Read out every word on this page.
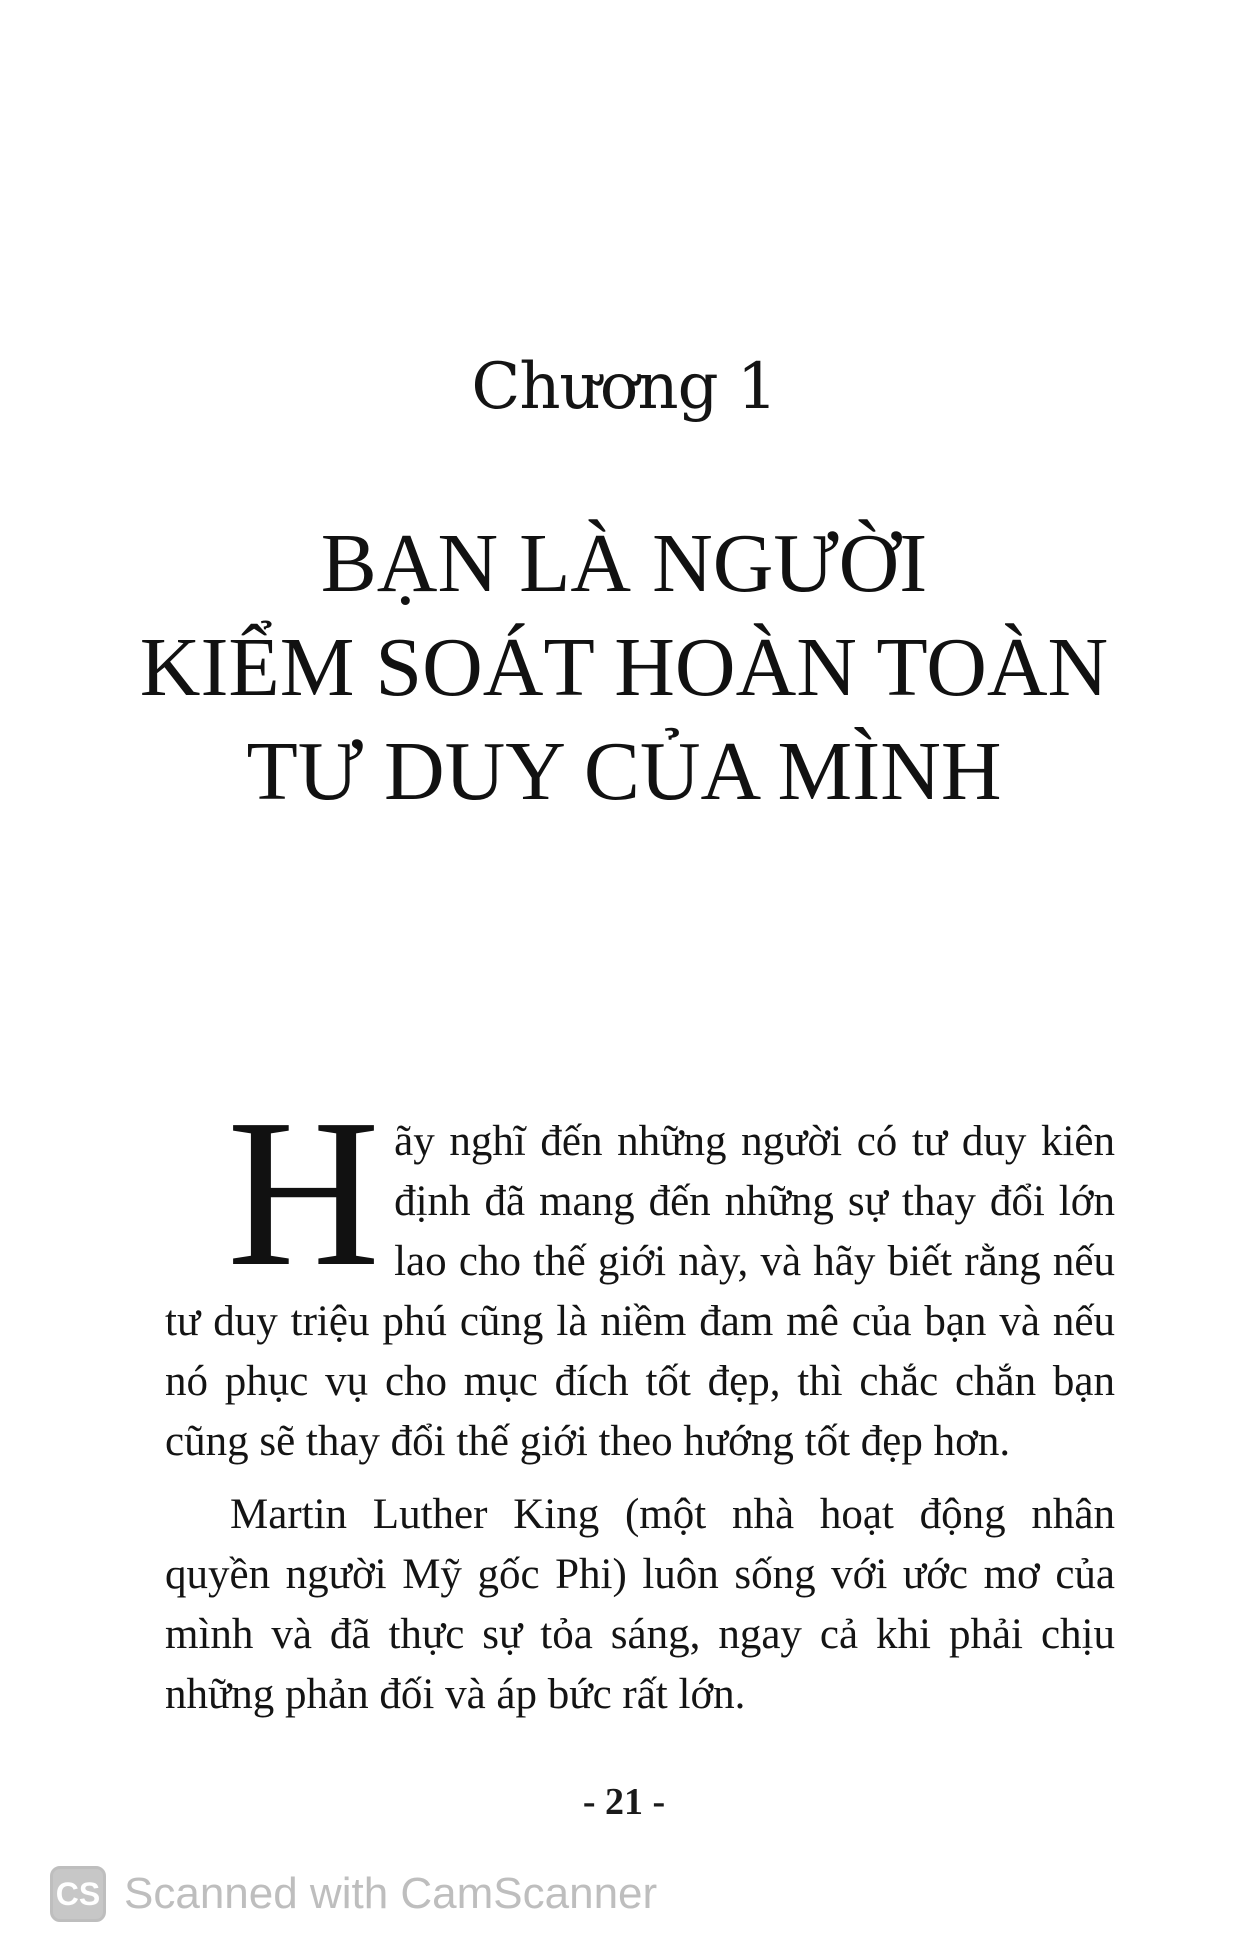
Chương 1
BẠN LÀ NGƯỜI
KIỂM SOÁT HOÀN TOÀN
TƯ DUY CỦA MÌNH
Hãy nghĩ đến những người có tư duy kiên định đã mang đến những sự thay đổi lớn lao cho thế giới này, và hãy biết rằng nếu tư duy triệu phú cũng là niềm đam mê của bạn và nếu nó phục vụ cho mục đích tốt đẹp, thì chắc chắn bạn cũng sẽ thay đổi thế giới theo hướng tốt đẹp hơn.
Martin Luther King (một nhà hoạt động nhân quyền người Mỹ gốc Phi) luôn sống với ước mơ của mình và đã thực sự tỏa sáng, ngay cả khi phải chịu những phản đối và áp bức rất lớn.
- 21 -
CS Scanned with CamScanner
